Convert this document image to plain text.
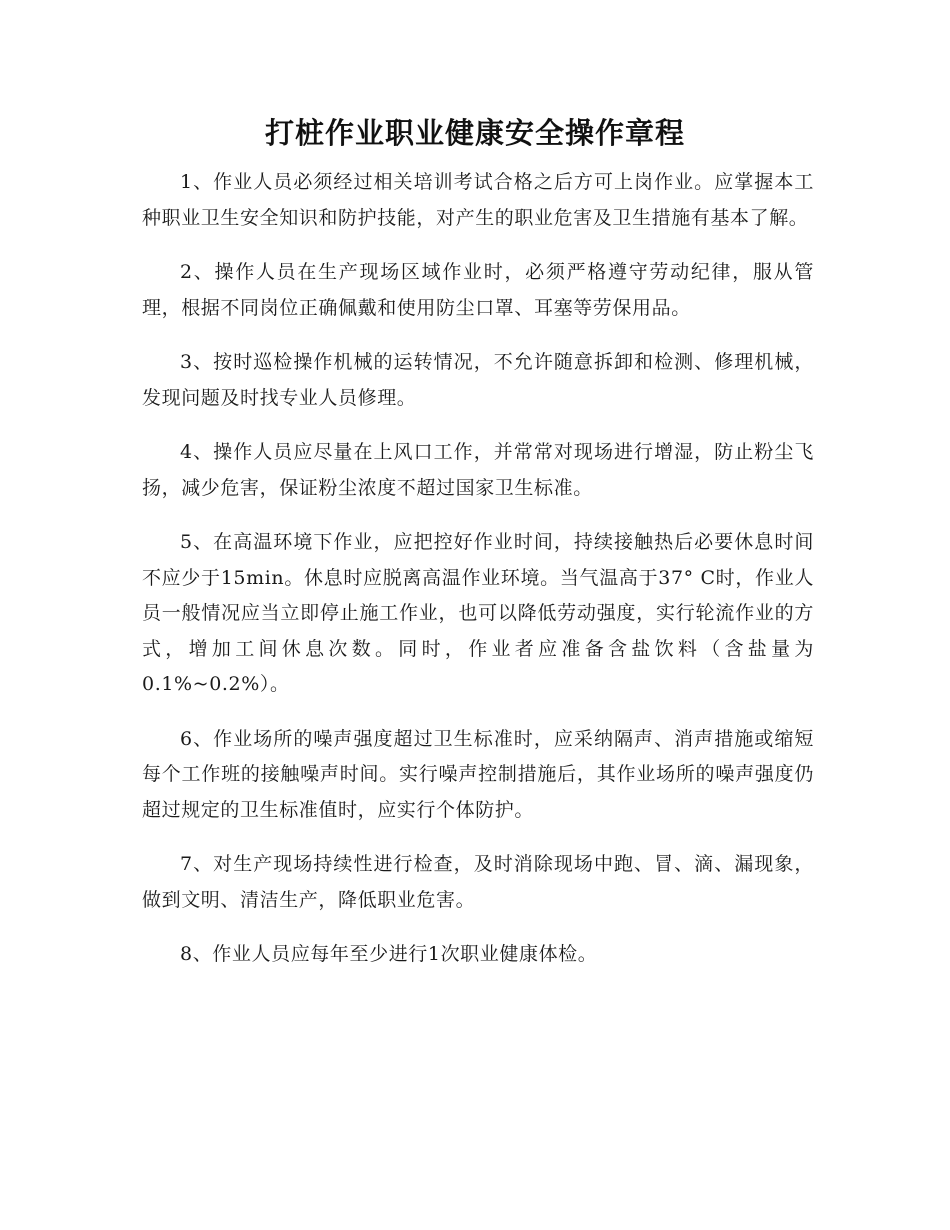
打桩作业职业健康安全操作章程

1、作业人员必须经过相关培训考试合格之后方可上岗作业。应掌握本工种职业卫生安全知识和防护技能，对产生的职业危害及卫生措施有基本了解。

2、操作人员在生产现场区域作业时，必须严格遵守劳动纪律，服从管理，根据不同岗位正确佩戴和使用防尘口罩、耳塞等劳保用品。

3、按时巡检操作机械的运转情况，不允许随意拆卸和检测、修理机械，发现问题及时找专业人员修理。

4、操作人员应尽量在上风口工作，并常常对现场进行增湿，防止粉尘飞扬，减少危害，保证粉尘浓度不超过国家卫生标准。

5、在高温环境下作业，应把控好作业时间，持续接触热后必要休息时间不应少于15min。休息时应脱离高温作业环境。当气温高于37° C时，作业人员一般情况应当立即停止施工作业，也可以降低劳动强度，实行轮流作业的方式，增加工间休息次数。同时，作业者应准备含盐饮料（含盐量为0.1%~0.2%）。

6、作业场所的噪声强度超过卫生标准时，应采纳隔声、消声措施或缩短每个工作班的接触噪声时间。实行噪声控制措施后，其作业场所的噪声强度仍超过规定的卫生标准值时，应实行个体防护。

7、对生产现场持续性进行检查，及时消除现场中跑、冒、滴、漏现象，做到文明、清洁生产，降低职业危害。

8、作业人员应每年至少进行1次职业健康体检。
